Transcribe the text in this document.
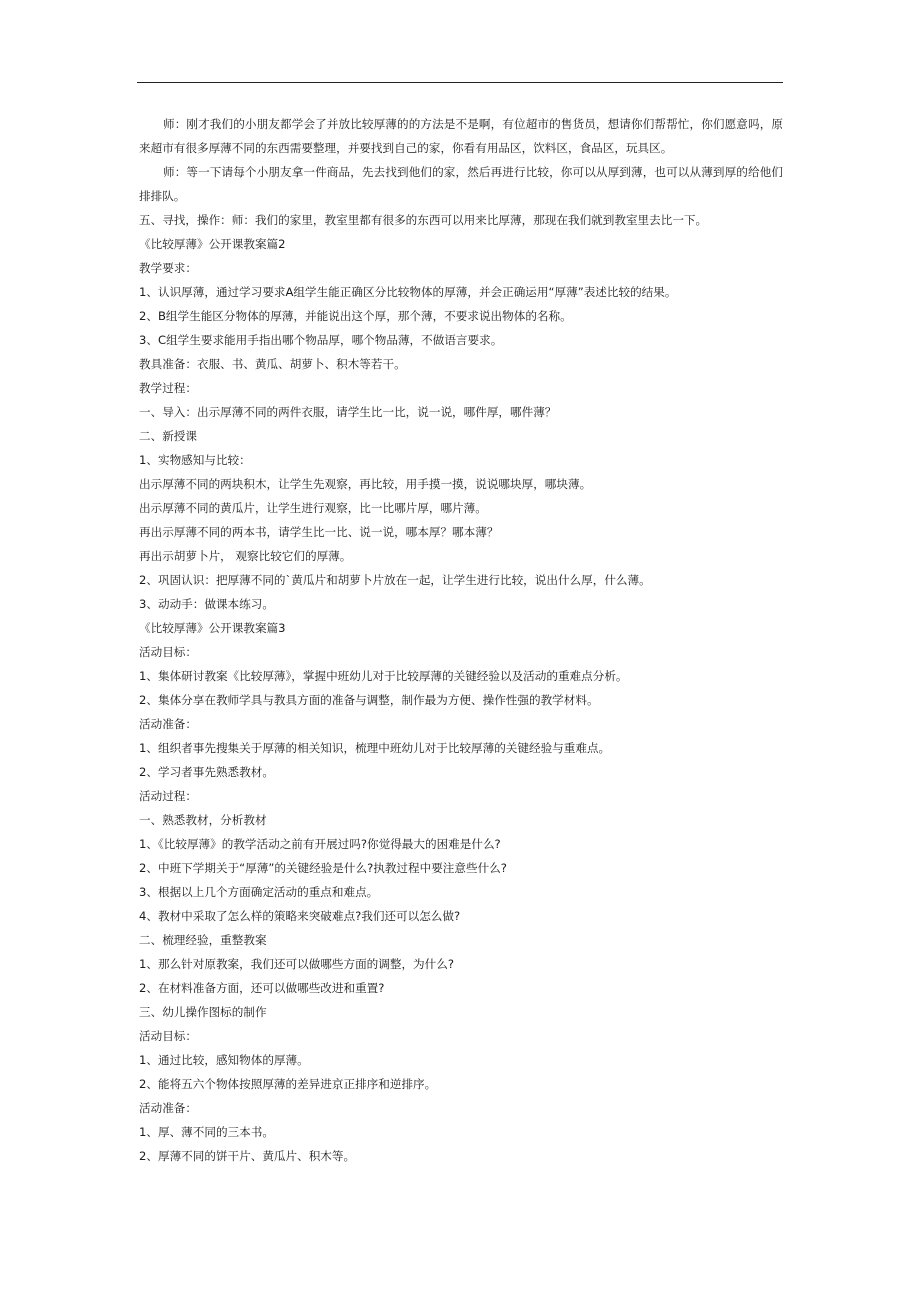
师：刚才我们的小朋友都学会了并放比较厚薄的的方法是不是啊，有位超市的售货员，想请你们帮帮忙，你们愿意吗，原来超市有很多厚薄不同的东西需要整理，并要找到自己的家，你看有用品区，饮料区，食品区，玩具区。

师：等一下请每个小朋友拿一件商品，先去找到他们的家，然后再进行比较，你可以从厚到薄，也可以从薄到厚的给他们排排队。

五、寻找，操作：师：我们的家里，教室里都有很多的东西可以用来比厚薄，那现在我们就到教室里去比一下。

《比较厚薄》公开课教案篇2

教学要求：

1、认识厚薄，通过学习要求A组学生能正确区分比较物体的厚薄，并会正确运用“厚薄”表述比较的结果。

2、B组学生能区分物体的厚薄，并能说出这个厚，那个薄，不要求说出物体的名称。

3、C组学生要求能用手指出哪个物品厚，哪个物品薄，不做语言要求。

教具准备：衣服、书、黄瓜、胡萝卜、积木等若干。

教学过程：

一、导入：出示厚薄不同的两件衣服，请学生比一比，说一说，哪件厚，哪件薄？

二、新授课

1、实物感知与比较：

出示厚薄不同的两块积木，让学生先观察，再比较，用手摸一摸，说说哪块厚，哪块薄。

出示厚薄不同的黄瓜片，让学生进行观察，比一比哪片厚，哪片薄。

再出示厚薄不同的两本书，请学生比一比、说一说，哪本厚？哪本薄？

再出示胡萝卜片， 观察比较它们的厚薄。

2、巩固认识：把厚薄不同的`黄瓜片和胡萝卜片放在一起，让学生进行比较，说出什么厚，什么薄。

3、动动手：做课本练习。

《比较厚薄》公开课教案篇3

活动目标：

1、集体研讨教案《比较厚薄》，掌握中班幼儿对于比较厚薄的关键经验以及活动的重难点分析。

2、集体分享在教师学具与教具方面的准备与调整，制作最为方便、操作性强的教学材料。

活动准备：

1、组织者事先搜集关于厚薄的相关知识，梳理中班幼儿对于比较厚薄的关键经验与重难点。

2、学习者事先熟悉教材。

活动过程：

一、熟悉教材，分析教材

1、《比较厚薄》的教学活动之前有开展过吗?你觉得最大的困难是什么?

2、中班下学期关于“厚薄”的关键经验是什么?执教过程中要注意些什么?

3、根据以上几个方面确定活动的重点和难点。

4、教材中采取了怎么样的策略来突破难点?我们还可以怎么做?

二、梳理经验，重整教案

1、那么针对原教案，我们还可以做哪些方面的调整，为什么?

2、在材料准备方面，还可以做哪些改进和重置?

三、幼儿操作图标的制作

活动目标：

1、通过比较，感知物体的厚薄。

2、能将五六个物体按照厚薄的差异进京正排序和逆排序。

活动准备：

1、厚、薄不同的三本书。

2、厚薄不同的饼干片、黄瓜片、积木等。
